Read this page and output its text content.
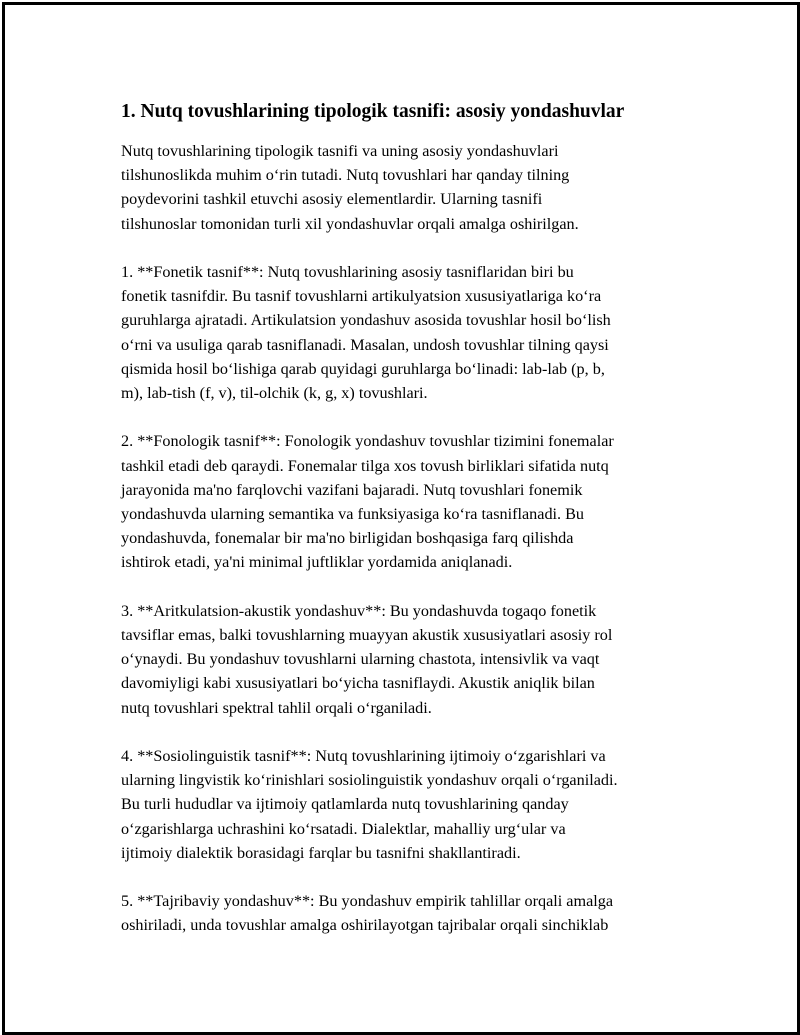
1. Nutq tovushlarining tipologik tasnifi: asosiy yondashuvlar
Nutq tovushlarining tipologik tasnifi va uning asosiy yondashuvlari
tilshunoslikda muhim o‘rin tutadi. Nutq tovushlari har qanday tilning
poydevorini tashkil etuvchi asosiy elementlardir. Ularning tasnifi
tilshunoslar tomonidan turli xil yondashuvlar orqali amalga oshirilgan.
1. **Fonetik tasnif**: Nutq tovushlarining asosiy tasniflaridan biri bu
fonetik tasnifdir. Bu tasnif tovushlarni artikulyatsion xususiyatlariga ko‘ra
guruhlarga ajratadi. Artikulatsion yondashuv asosida tovushlar hosil bo‘lish
o‘rni va usuliga qarab tasniflanadi. Masalan, undosh tovushlar tilning qaysi
qismida hosil bo‘lishiga qarab quyidagi guruhlarga bo‘linadi: lab-lab (p, b,
m), lab-tish (f, v), til-olchik (k, g, x) tovushlari.
2. **Fonologik tasnif**: Fonologik yondashuv tovushlar tizimini fonemalar
tashkil etadi deb qaraydi. Fonemalar tilga xos tovush birliklari sifatida nutq
jarayonida ma'no farqlovchi vazifani bajaradi. Nutq tovushlari fonemik
yondashuvda ularning semantika va funksiyasiga ko‘ra tasniflanadi. Bu
yondashuvda, fonemalar bir ma'no birligidan boshqasiga farq qilishda
ishtirok etadi, ya'ni minimal juftliklar yordamida aniqlanadi.
3. **Aritkulatsion-akustik yondashuv**: Bu yondashuvda togaqo fonetik
tavsiflar emas, balki tovushlarning muayyan akustik xususiyatlari asosiy rol
o‘ynaydi. Bu yondashuv tovushlarni ularning chastota, intensivlik va vaqt
davomiyligi kabi xususiyatlari bo‘yicha tasniflaydi. Akustik aniqlik bilan
nutq tovushlari spektral tahlil orqali o‘rganiladi.
4. **Sosiolinguistik tasnif**: Nutq tovushlarining ijtimoiy o‘zgarishlari va
ularning lingvistik ko‘rinishlari sosiolinguistik yondashuv orqali o‘rganiladi.
Bu turli hududlar va ijtimoiy qatlamlarda nutq tovushlarining qanday
o‘zgarishlarga uchrashini ko‘rsatadi. Dialektlar, mahalliy urg‘ular va
ijtimoiy dialektik borasidagi farqlar bu tasnifni shakllantiradi.
5. **Tajribaviy yondashuv**: Bu yondashuv empirik tahlillar orqali amalga
oshiriladi, unda tovushlar amalga oshirilayotgan tajribalar orqali sinchiklab
